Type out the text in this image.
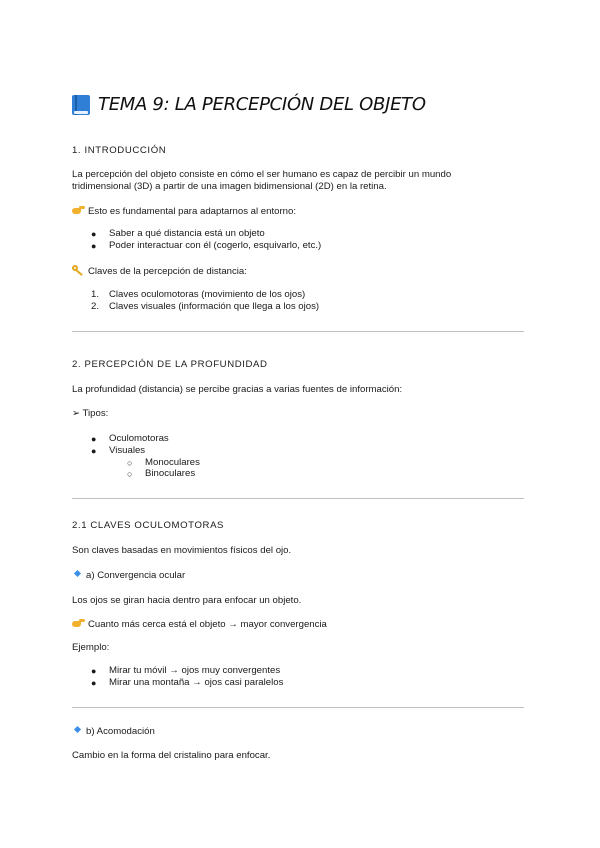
TEMA 9: LA PERCEPCIÓN DEL OBJETO
1. INTRODUCCIÓN
La percepción del objeto consiste en cómo el ser humano es capaz de percibir un mundo
tridimensional (3D) a partir de una imagen bidimensional (2D) en la retina.
Esto es fundamental para adaptarnos al entorno:
● Saber a qué distancia está un objeto
● Poder interactuar con él (cogerlo, esquivarlo, etc.)
Claves de la percepción de distancia:
1. Claves oculomotoras (movimiento de los ojos)
2. Claves visuales (información que llega a los ojos)
2. PERCEPCIÓN DE LA PROFUNDIDAD
La profundidad (distancia) se percibe gracias a varias fuentes de información:
➢ Tipos:
● Oculomotoras
● Visuales
○ Monoculares
○ Binoculares
2.1 CLAVES OCULOMOTORAS
Son claves basadas en movimientos físicos del ojo.
a) Convergencia ocular
Los ojos se giran hacia dentro para enfocar un objeto.
Cuanto más cerca está el objeto → mayor convergencia
Ejemplo:
● Mirar tu móvil → ojos muy convergentes
● Mirar una montaña → ojos casi paralelos
b) Acomodación
Cambio en la forma del cristalino para enfocar.
